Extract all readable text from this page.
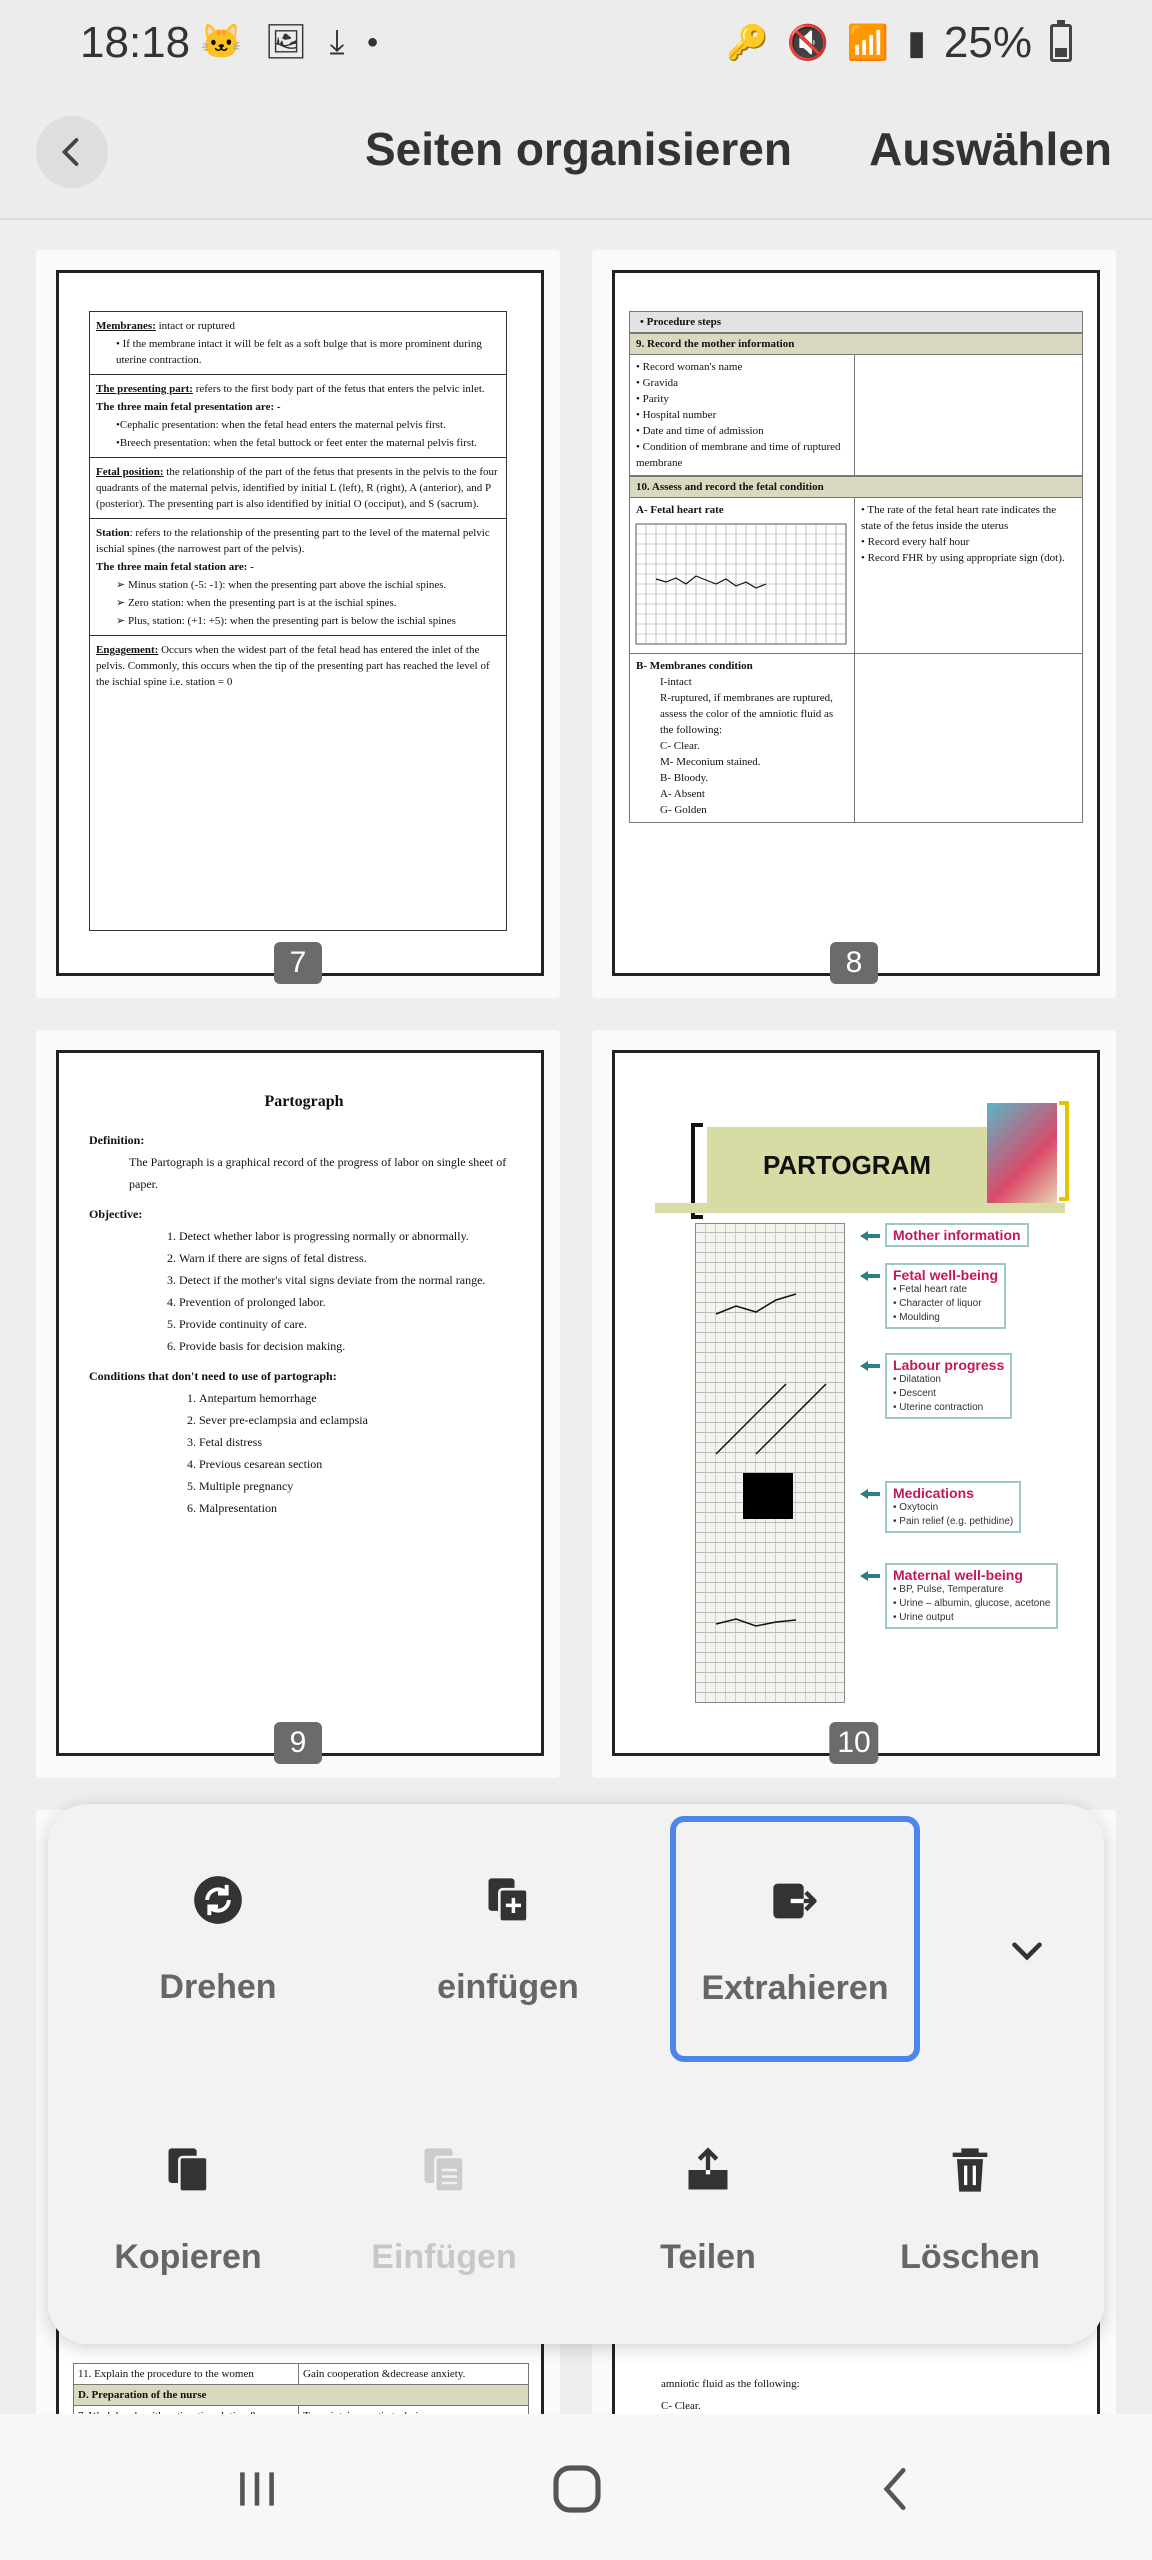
18:18 🐱 🖼 ⤓ ●	🔑 🔇 📶 ▮ 25%
Seiten organisieren Auswählen

Membranes: intact or ruptured

• If the membrane intact it will be felt as a soft bulge that is more prominent during uterine contraction.

The presenting part: refers to the first body part of the fetus that enters the pelvic inlet.

The three main fetal presentation are: -

•Cephalic presentation: when the fetal head enters the maternal pelvis first.

•Breech presentation: when the fetal buttock or feet enter the maternal pelvis first.

Fetal position: the relationship of the part of the fetus that presents in the pelvis to the four quadrants of the maternal pelvis, identified by initial L (left), R (right), A (anterior), and P (posterior). The presenting part is also identified by initial O (occiput), and S (sacrum).

Station: refers to the relationship of the presenting part to the level of the maternal pelvic ischial spines (the narrowest part of the pelvis).

The three main fetal station are: -

➢ Minus station (-5: -1): when the presenting part above the ischial spines.

➢ Zero station: when the presenting part is at the ischial spines.

➢ Plus, station: (+1: +5): when the presenting part is below the ischial spines

Engagement: Occurs when the widest part of the fetal head has entered the inlet of the pelvis. Commonly, this occurs when the tip of the presenting part has reached the level of the ischial spine i.e. station = 0

7
• Procedure steps
9. Record the mother information
• Record woman's name
• Gravida
• Parity
• Hospital number
• Date and time of admission
• Condition of membrane and time of ruptured membrane
10. Assess and record the fetal condition
A- Fetal heart rate	• The rate of the fetal heart rate indicates the state of the fetus inside the uterus
• Record every half hour
• Record FHR by using appropriate sign (dot).
B- Membranes condition
I-intact
R-ruptured, if membranes are ruptured, assess the color of the amniotic fluid as the following:
C- Clear.
M- Meconium stained.
B- Bloody.
A- Absent
G- Golden
8
Partograph
Definition:
The Partograph is a graphical record of the progress of labor on single sheet of paper.
Objective:
1. Detect whether labor is progressing normally or abnormally.
2. Warn if there are signs of fetal distress.
3. Detect if the mother's vital signs deviate from the normal range.
4. Prevention of prolonged labor.
5. Provide continuity of care.
6. Provide basis for decision making.
Conditions that don't need to use of partograph:
1. Antepartum hemorrhage
2. Sever pre-eclampsia and eclampsia
3. Fetal distress
4. Previous cesarean section
5. Multiple pregnancy
6. Malpresentation
9
PARTOGRAM
Mother information
Fetal well-being
• Fetal heart rate
• Character of liquor
• Moulding
Labour progress
• Dilatation
• Descent
• Uterine contraction
Medications
• Oxytocin
• Pain relief (e.g. pethidine)
Maternal well-being
• BP, Pulse, Temperature
• Urine – albumin, glucose, acetone
• Urine output
10
11. Explain the procedure to the women	Gain cooperation &decrease anxiety.
D. Preparation of the nurse
amniotic fluid as the following:
C- Clear.
Drehen	einfügen	Extrahieren
Kopieren	Einfügen	Teilen	Löschen
